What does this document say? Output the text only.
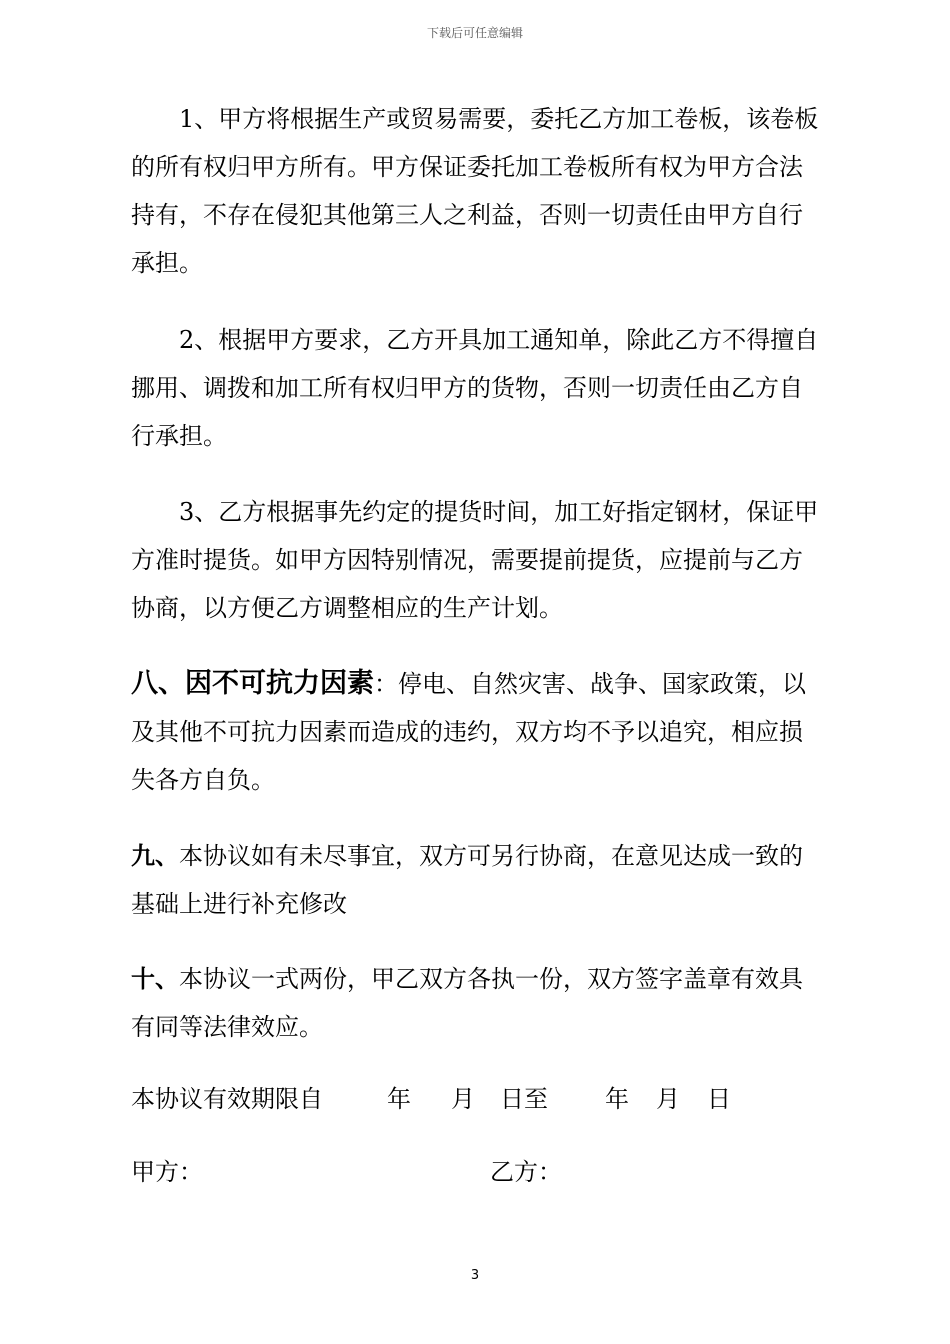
下载后可任意编辑
1、甲方将根据生产或贸易需要，委托乙方加工卷板，该卷板的所有权归甲方所有。甲方保证委托加工卷板所有权为甲方合法持有，不存在侵犯其他第三人之利益，否则一切责任由甲方自行承担。
2、根据甲方要求，乙方开具加工通知单，除此乙方不得擅自挪用、调拨和加工所有权归甲方的货物，否则一切责任由乙方自行承担。
3、乙方根据事先约定的提货时间，加工好指定钢材，保证甲方准时提货。如甲方因特别情况，需要提前提货，应提前与乙方协商，以方便乙方调整相应的生产计划。
八、因不可抗力因素：停电、自然灾害、战争、国家政策，以及其他不可抗力因素而造成的违约，双方均不予以追究，相应损失各方自负。
九、本协议如有未尽事宜，双方可另行协商，在意见达成一致的基础上进行补充修改
十、本协议一式两份，甲乙双方各执一份，双方签字盖章有效具有同等法律效应。
本协议有效期限自	年 月 日至 年 月 日
甲方：	乙方：
3
